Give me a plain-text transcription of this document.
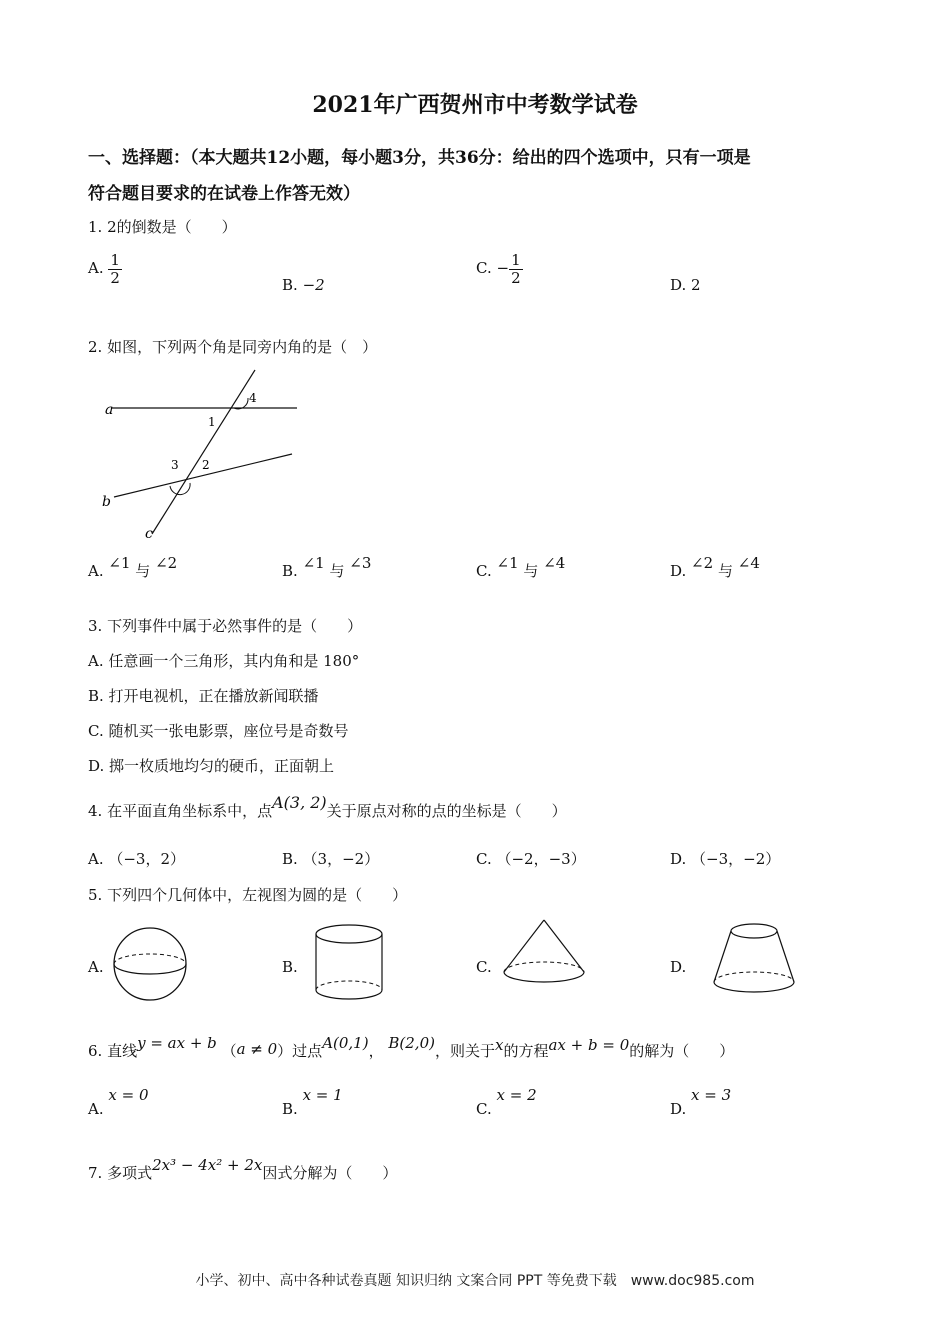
2021年广西贺州市中考数学试卷
一、选择题：（本大题共12小题，每小题3分，共36分：给出的四个选项中，只有一项是
符合题目要求的在试卷上作答无效）
1. 2的倒数是（　　）
A. $\frac{1}{2}$	B. −2
C. − $\frac{1}{2}$	D. 2
2. 如图，下列两个角是同旁内角的是（　）
a
b
c
1
2
3
4
A. ∠1 与 ∠2	B. ∠1 与 ∠3	C. ∠1 与 ∠4	D. ∠2 与 ∠4
3. 下列事件中属于必然事件的是（　　）
A. 任意画一个三角形，其内角和是 180°
B. 打开电视机，正在播放新闻联播
C. 随机买一张电影票，座位号是奇数号
D. 掷一枚质地均匀的硬币，正面朝上
4. 在平面直角坐标系中，点A(3, 2)关于原点对称的点的坐标是（　　）
A. （−3，2）	B. （3，−2）	C. （−2，−3）	D. （−3，−2）
5. 下列四个几何体中，左视图为圆的是（　　）
A.	B.	C.	D.
6. 直线y = ax + b （a ≠ 0）过点A(0,1)， B(2,0)，则关于x的方程ax + b = 0的解为（　　）
A. x = 0
B. x = 1
C. x = 2
D. x = 3
7. 多项式2x³ − 4x² + 2x因式分解为（　　）
小学、初中、高中各种试卷真题 知识归纳 文案合同 PPT 等免费下载　www.doc985.com
